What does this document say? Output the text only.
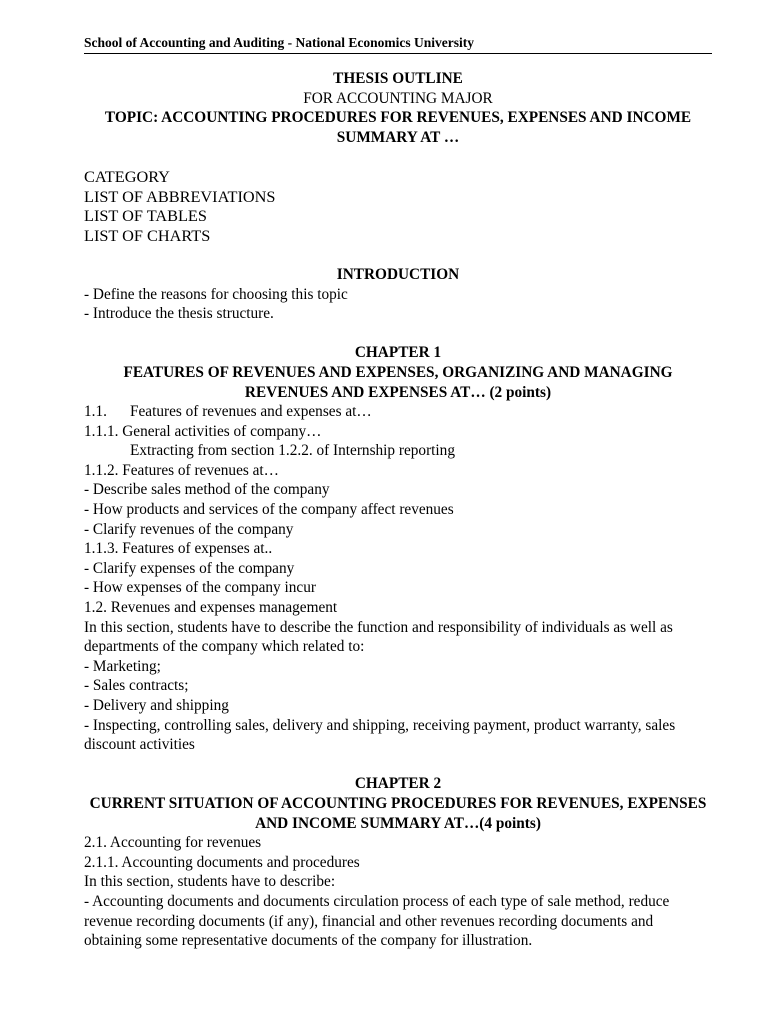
School of Accounting and Auditing - National Economics University

THESIS OUTLINE

FOR ACCOUNTING MAJOR

TOPIC: ACCOUNTING PROCEDURES FOR REVENUES, EXPENSES AND INCOME SUMMARY AT …

CATEGORY

LIST OF ABBREVIATIONS

LIST OF TABLES

LIST OF CHARTS

INTRODUCTION

- Define the reasons for choosing this topic

- Introduce the thesis structure.

CHAPTER 1

FEATURES OF REVENUES AND EXPENSES, ORGANIZING AND MANAGING REVENUES AND EXPENSES AT… (2 points)

1.1. Features of revenues and expenses at…

1.1.1. General activities of company…

Extracting from section 1.2.2. of Internship reporting

1.1.2. Features of revenues at…

- Describe sales method of the company

- How products and services of the company affect revenues

- Clarify revenues of the company

1.1.3. Features of expenses at..

- Clarify expenses of the company

- How expenses of the company incur

1.2. Revenues and expenses management

In this section, students have to describe the function and responsibility of individuals as well as departments of the company which related to:

- Marketing;

- Sales contracts;

- Delivery and shipping

- Inspecting, controlling sales, delivery and shipping, receiving payment, product warranty, sales discount activities

CHAPTER 2

CURRENT SITUATION OF ACCOUNTING PROCEDURES FOR REVENUES, EXPENSES AND INCOME SUMMARY AT…(4 points)

2.1. Accounting for revenues

2.1.1. Accounting documents and procedures

In this section, students have to describe:

- Accounting documents and documents circulation process of each type of sale method, reduce revenue recording documents (if any), financial and other revenues recording documents and obtaining some representative documents of the company for illustration.
